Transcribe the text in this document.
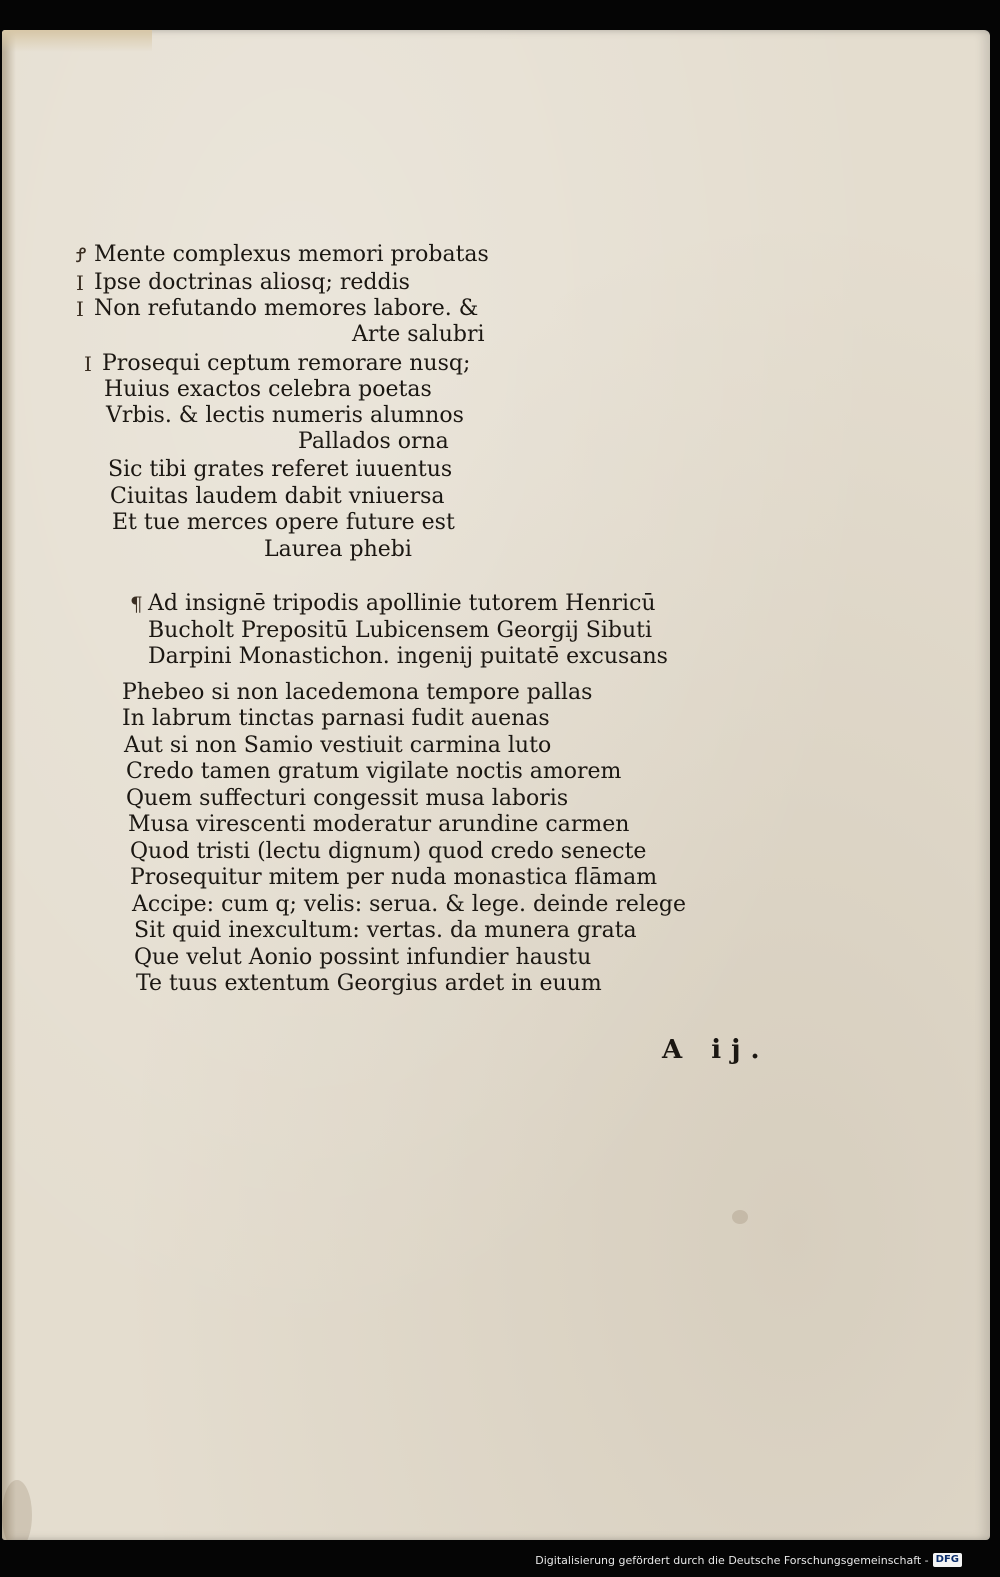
Mente complexus memori probatas
Ꝭ
Ipse doctrinas aliosq; reddis
I
Non refutando memores labore. &
I
Arte salubri
Prosequi ceptum remorare nusq;
I
Huius exactos celebra poetas
Vrbis. & lectis numeris alumnos
Pallados orna
Sic tibi grates referet iuuentus
Ciuitas laudem dabit vniuersa
Et tue merces opere future est
Laurea phebi
Ad insignē tripodis apollinie tutorem Henricū
¶
Bucholt Prepositū Lubicensem Georgij Sibuti
Darpini Monastichon. ingenij puitatē excusans
Phebeo si non lacedemona tempore pallas
In labrum tinctas parnasi fudit auenas
Aut si non Samio vestiuit carmina luto
Credo tamen gratum vigilate noctis amorem
Quem suffecturi congessit musa laboris
Musa virescenti moderatur arundine carmen
Quod tristi (lectu dignum) quod credo senecte
Prosequitur mitem per nuda monastica flāmam
Accipe: cum q; velis: serua. & lege. deinde relege
Sit quid inexcultum: vertas. da munera grata
Que velut Aonio possint infundier haustu
Te tuus extentum Georgius ardet in euum
A ij.
Digitalisierung gefördert durch die Deutsche Forschungsgemeinschaft - DFG
